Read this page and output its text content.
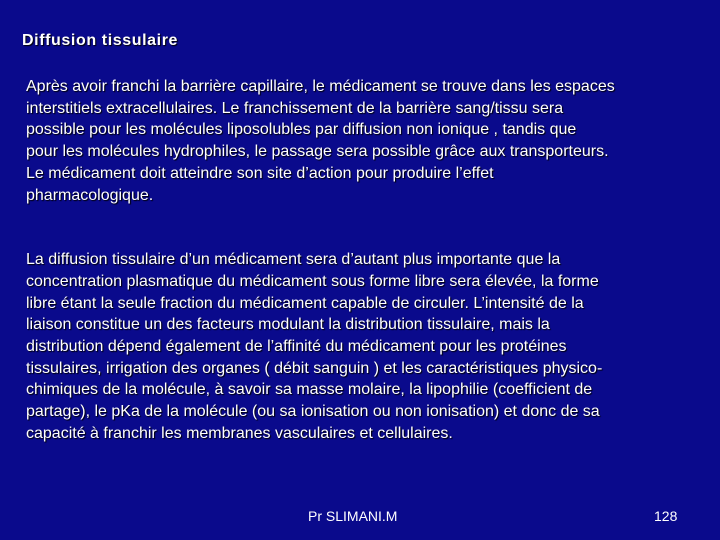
Diffusion tissulaire

Après avoir franchi la barrière capillaire, le médicament se trouve dans les espaces
interstitiels extracellulaires. Le franchissement de la barrière sang/tissu sera
possible pour les molécules liposolubles par diffusion non ionique , tandis que
pour les molécules hydrophiles, le passage sera possible grâce aux transporteurs.
Le médicament doit atteindre son site d’action pour produire l’effet
pharmacologique.

La diffusion tissulaire d’un médicament sera d’autant plus importante que la
concentration plasmatique du médicament sous forme libre sera élevée, la forme
libre étant la seule fraction du médicament capable de circuler. L’intensité de la
liaison constitue un des facteurs modulant la distribution tissulaire, mais la
distribution dépend également de l’affinité du médicament pour les protéines
tissulaires, irrigation des organes ( débit sanguin ) et les caractéristiques physico-
chimiques de la molécule, à savoir sa masse molaire, la lipophilie (coefficient de
partage), le pKa de la molécule (ou sa ionisation ou non ionisation) et donc de sa
capacité à franchir les membranes vasculaires et cellulaires.

Pr SLIMANI.M	128
